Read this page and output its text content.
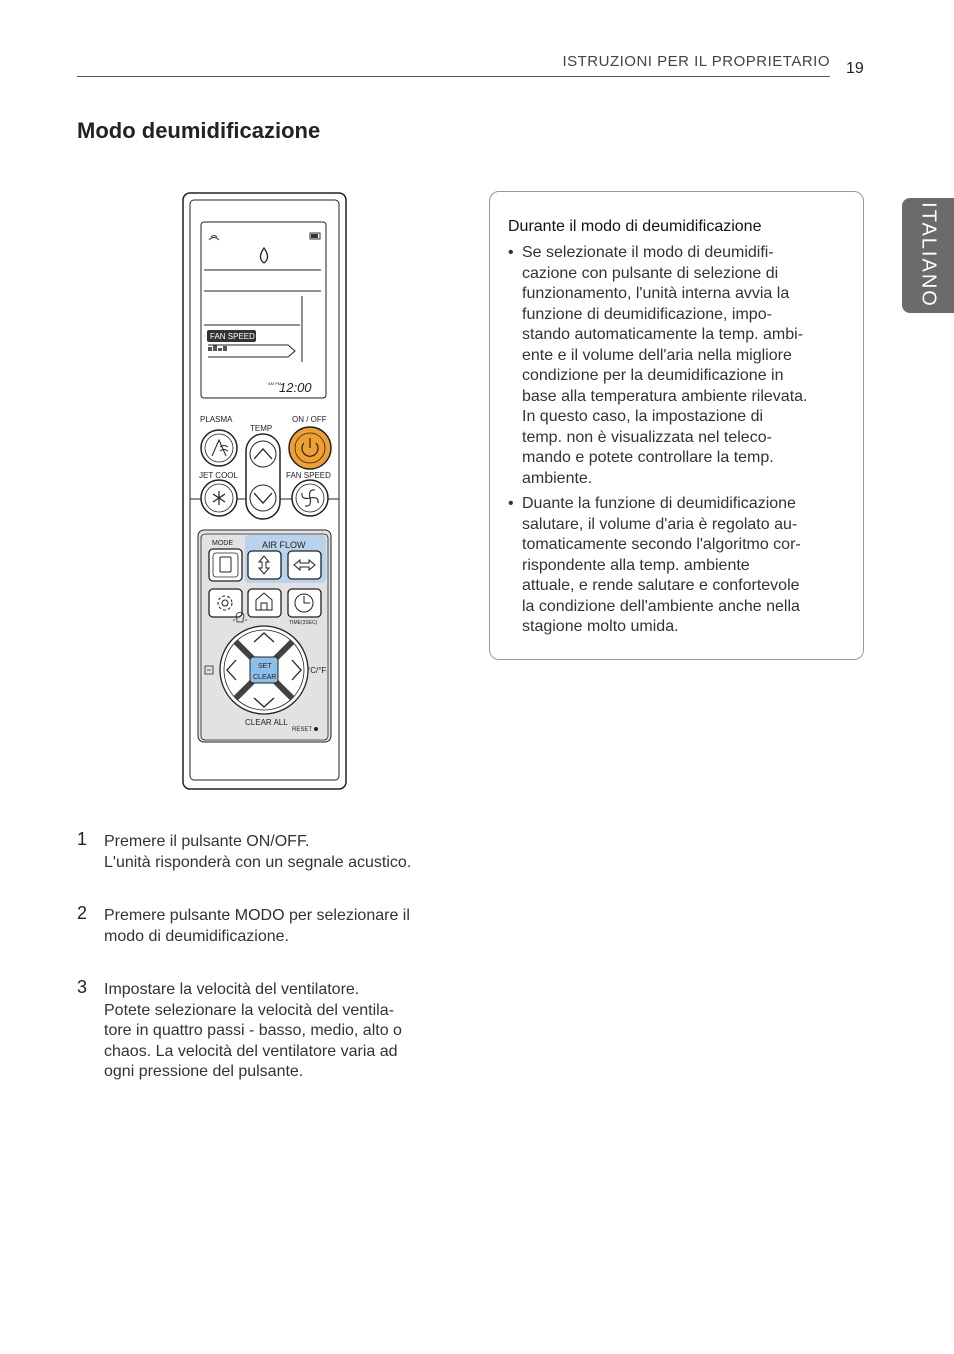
ISTRUZIONI PER IL PROPRIETARIO 19
Modo deumidificazione
ITALIANO
FAN SPEED
AM PM
12:00
PLASMA	ON / OFF
TEMP
JET COOL	FAN SPEED
MODE	AIR FLOW
TIME(3SEC)
SET
CLEAR
°C/°F
CLEAR ALL
RESET
Durante il modo di deumidificazione
• Se selezionate il modo di deumidifi-
cazione con pulsante di selezione di
funzionamento, l'unità interna avvia la
funzione di deumidificazione, impo-
stando automaticamente la temp. ambi-
ente e il volume dell'aria nella migliore
condizione per la deumidificazione in
base alla temperatura ambiente rilevata.
In questo caso, la impostazione di
temp. non è visualizzata nel teleco-
mando e potete controllare la temp.
ambiente.
• Duante la funzione di deumidificazione
salutare, il volume d'aria è regolato au-
tomaticamente secondo l'algoritmo cor-
rispondente alla temp. ambiente
attuale, e rende salutare e confortevole
la condizione dell'ambiente anche nella
stagione molto umida.
1 Premere il pulsante ON/OFF.
L'unità risponderà con un segnale acustico.
2 Premere pulsante MODO per selezionare il
modo di deumidificazione.
3 Impostare la velocità del ventilatore.
Potete selezionare la velocità del ventila-
tore in quattro passi - basso, medio, alto o
chaos. La velocità del ventilatore varia ad
ogni pressione del pulsante.
